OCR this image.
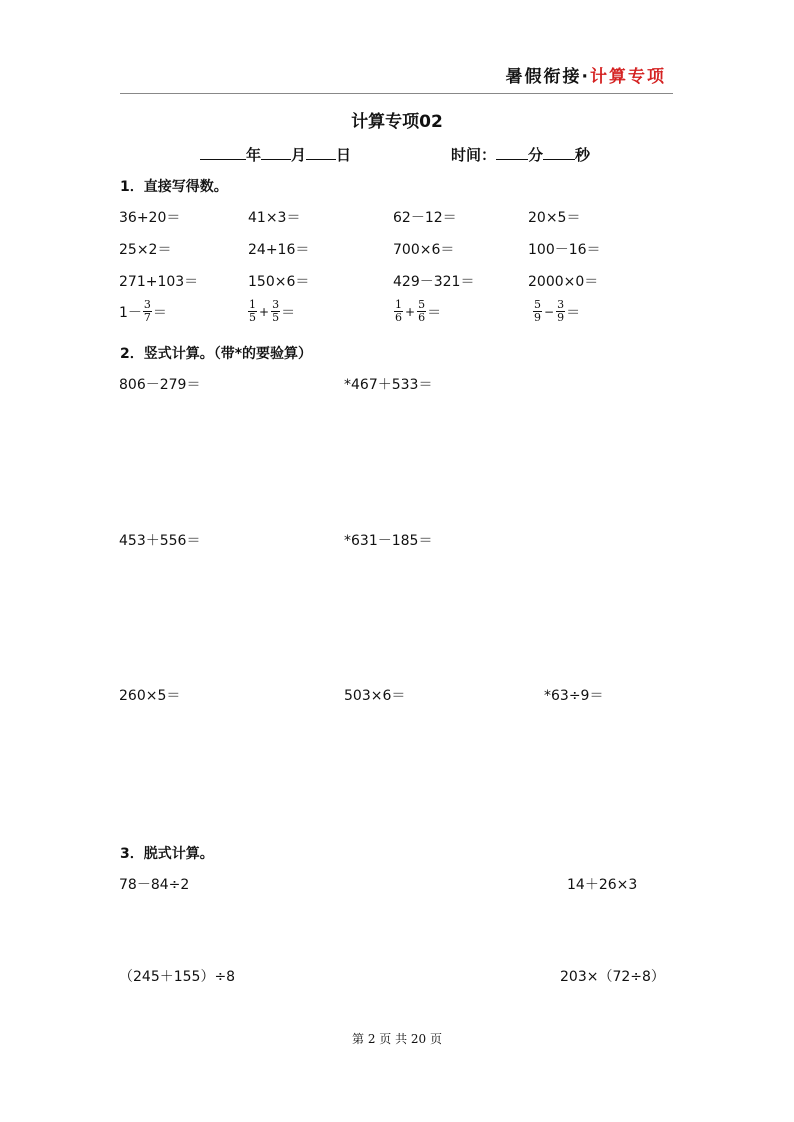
暑假衔接·计算专项
计算专项02
年 月 日	时间： 分 秒
1．直接写得数。
36+20＝	41×3＝	62－12＝	20×5＝
25×2＝	24+16＝	700×6＝	100－16＝
271+103＝	150×6＝	429－321＝	2000×0＝
$1- \frac{3}{7}$ ＝	$\frac{1}{5} + \frac{3}{5}$ ＝	$\frac{1}{6} + \frac{5}{6}$ ＝	$\frac{5}{9} - \frac{3}{9}$ ＝
2．竖式计算。（带*的要验算）
806－279＝	*467＋533＝
453＋556＝	*631－185＝
260×5＝	503×6＝	*63÷9＝
3．脱式计算。
78－84÷2	14＋26×3
（245＋155）÷8	203×（72÷8）
第 2 页 共 20 页
